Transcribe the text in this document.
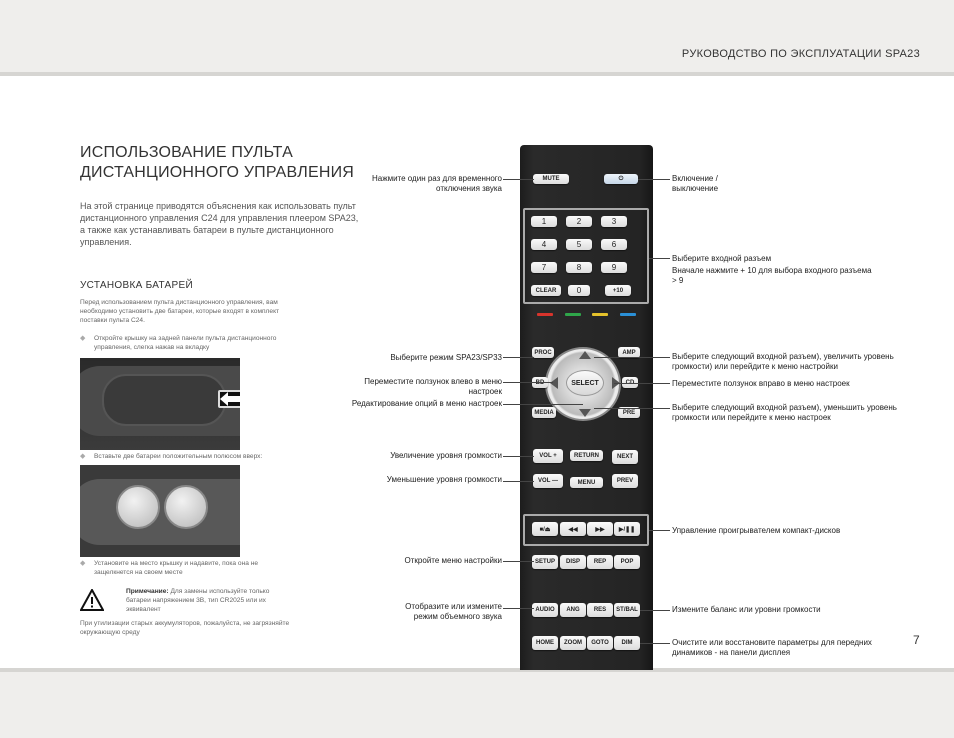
РУКОВОДСТВО ПО ЭКСПЛУАТАЦИИ SPA23
7
ИСПОЛЬЗОВАНИЕ ПУЛЬТА ДИСТАНЦИОННОГО УПРАВЛЕНИЯ

На этой странице приводятся объяснения как использовать пульт дистанционного управления C24 для управления плеером SPA23, а также как устанавливать батареи в пульте дистанционного управления.

УСТАНОВКА БАТАРЕЙ

Перед использованием пульта дистанционного управления, вам необходимо установить две батареи, которые входят в комплект поставки пульта C24.

◆	Откройте крышку на задней панели пульта дистанционного управления, слегка нажав на вкладку
◆	Вставьте две батареи положительным полюсом вверх:
◆	Установите на место крышку и надавите, пока она не защелкнется на своем месте

Примечание: Для замены используйте только батареи напряжением 3В, тип CR2025 или их эквивалент

При утилизации старых аккумуляторов, пожалуйста, не загрязняйте окружающую среду

MUTE	⏻
1	2	3
4	5	6
7	8	9
CLEAR	0	+10
PROC	AMP
MEDIA	PRE
SELECT
VOL +
VOL —
RETURN
MENU
NEXT
PREV
■/⏏	◀◀	▶▶	▶/❚❚
SETUP	DISP	REP	POP
AUDIO	ANG	RES	ST/BAL
HOME	ZOOM	GOTO	DIM
Нажмите один раз для временного отключения звука
Выберите режим SPA23/SP33
Переместите ползунок влево в меню настроек
Редактирование опций в меню настроек
Увеличение уровня громкости
Уменьшение уровня громкости
Откройте меню настройки
Отобразите или измените режим объемного звука
Включение / выключение
Выберите входной разъем
Вначале нажмите + 10 для выбора входного разъема > 9
Выберите следующий входной разъем), увеличить уровень громкости) или перейдите к меню настройки
Переместите ползунок вправо в меню настроек
Выберите следующий входной разъем), уменьшить уровень громкости или перейдите к меню настроек
Управление проигрывателем компакт-дисков
Измените баланс или уровни громкости
Очистите или восстановите параметры для передних динамиков - на панели дисплея
